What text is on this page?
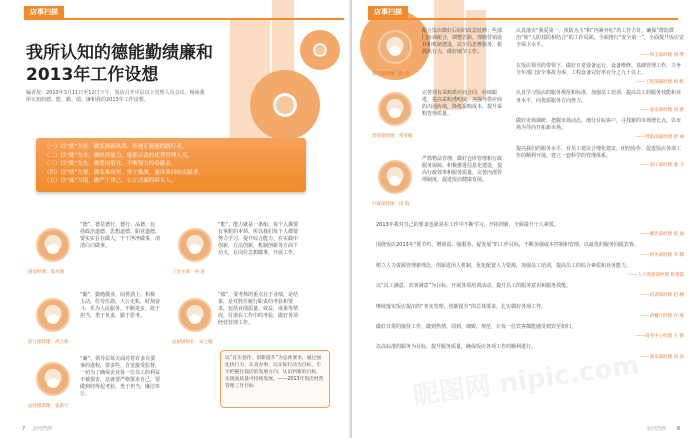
店事扫描
我所认知的德能勤绩廉和2013年工作设想
编者按：2013年3月11日至12日下午，饭店召开中层以上管理人员会议，畅谈我所认知的德、能、勤、绩、廉和我的2013年工作设想。

（一）以“德”为首，做弘扬新风尚、传递正能量的践行者。

（二）以“能”为本，做经营能力、能职尽责的优秀管理人员。

（三）以“勤”为先，做爱岗敬业、不断努力的奉献者。

（四）以“绩”为要，做克难攻坚、勇于挑战、惠泽黄河的贡献者。

（五）以“廉”为镜，做严于律己、公正清廉的带头人。

厨房经理：殷永强
“德”，德是德行，德行、品德，包括政治道德、思想道德、职业道德。要实实在在做人，干干净净做事，清清白白做事。
工会主席：孙 涛
“能”，能力就是一条船，每个人都要有掌舵的本领。所以我们每个人都要努力学习，提升综合能力，在实践中创新，方法创新，机制创新等方面下功夫，在岗位急想做事，开展工作。
前厅部经理：武立新
“勤”，勤勉敬业，闷着劲上，积极主动，任劳任怨，大公无私，时刻奋斗，乐为人民服务，不断进步，敢于担当，勇于负责，勤于思考。
总厨厨师长：宋立刚
“绩”，要考核的重点在于业绩，是结果，是对胜任履行职责的考验和要求，包括业绩质量、效益，成果等情况，付诸在工作中的考验，做好各项经营管理工作。
总经理助理：张新宇
“廉”，领导层每天面对着许多有要事的进程，要多些，自觉接受监督，一切为了确保企业每一位员工的利益不被损害，这就要严格要求自己，要做到经得起考验，勇于担当，廉洁奉公。

以“有实意作、创新提升”为总体要求，通过强化执行力、认真办事，以实际行动为目标，牢牢把握住饭店的发展方向，认识到新的目标，实现高质量可持续发展。——2013年饭店经营管理工作目标

7 金河湾画
店事扫描
前厅部经理：熊 勇
配合饭店做好后厨的改造装修；些部门协调配合，调整思路，理顺营销设计和机制建设，以全局思维服务，狠抓执行力，做好细节工作。
营销部经理：常亚楠
完善现有采购供应商合同，持续跟进，提高采购透明度，加强与供应商的沟通协调，降低采购成本，提升采购管理质量。
行政部经理：田 海
严抓物品管理，做好仓库管理和行政服务保障，积极推进信息化建设，提高行政效率和服务质量，完善内部管理制度，促进饭店健康发展。
认真落实“我爱第一，预防为主”和“内紧外松”的工作方针，确保“群防群治”和“人防技防相结合”的工作局面，全面推行“安全第一”，全面提升饭店安全保卫水平。
——保卫部经理 闻 继
在饭店领导的带领下，做好日常设备运行、设备维修、基础管理工作，力争全年部门安全事故为零，工程设备完好率百分之九十以上。
——工程部副经理 杨 帆
认真学习饭店的服务规范和标准，加强员工培训，提高员工的服务技能和业务水平，向优质服务方向努力。
——客房部经理 徐 蕾
做好市场调研，把握市场动态，细分目标客户，寻找新的市场增长点，以市场为导向开拓新市场。
——营销部副经理 柴 丽
提高我们的服务水平，有员工建议合理化建议，团结协作，促进饭店各项工作的顺利开展，建立一套科学的管理体系。
——前厅部经理 潘 卫
2013年我对自己的要求也就是在工作中不断学习，开拓创新，全面提升个人素质。
——餐饮部经理 张 丽
围绕饭店2013年“抓节约、增效益、强服务、促发展”的工作目标，不断加强成本控制和管理，以最优的服务回报宾客。
——财务部经理 李 娜
树立人力资源管理新理念，创新选用人机制，优化配置人力资源，加强员工培训，提高员工的综合素质和业务能力。
——人力资源部经理 崔秀霞
以“员工满意、宾客满意”为目标，开展各项培训活动，提升员工的服务意识和服务技能。
——培训部经理 赵 楠
继续落实饭店提出的“务实管理、创新提升”的总体要求，扎实做好各项工作。
——西餐厅经理 许 燕
做好日常的接待工作，做到热情、周到、细致、规范，让每一位宾客都能感受到宾至如归。
——商务中心经理 王 静
以高标准的服务为目标，提升服务质量，确保饭店各项工作的顺利进行。
——康乐部经理 刘 涛
昵图网 nipic.com
金河湾画 8
